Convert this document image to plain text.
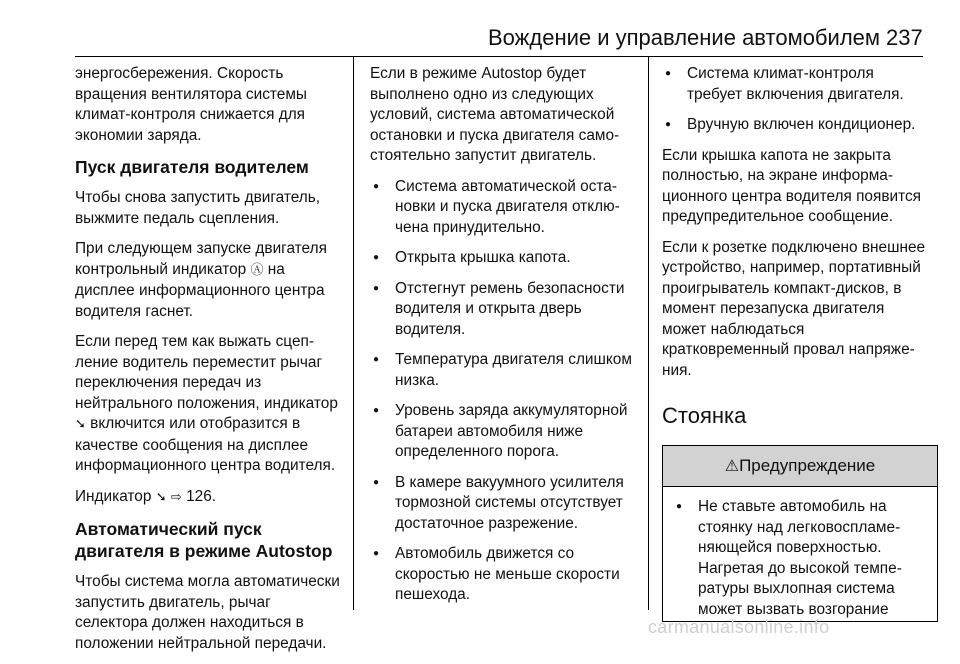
Вождение и управление автомобилем 237

энергосбережения. Скорость вращения вентилятора системы климат-контроля снижается для экономии заряда.

Пуск двигателя водителем

Чтобы снова запустить двигатель, выжмите педаль сцепления.

При следующем запуске двигателя контрольный индикатор Ⓐ на дисплее информационного центра водителя гаснет.

Если перед тем как выжать сцепление водитель переместит рычаг переключения передач из нейтрального положения, индикатор ➘ включится или отобразится в качестве сообщения на дисплее информационного центра водителя.

Индикатор ➘ ⇨ 126.

Автоматический пуск двигателя в режиме Autostop

Чтобы система могла автоматически запустить двигатель, рычаг селектора должен находиться в положении нейтральной передачи.

Если в режиме Autostop будет выполнено одно из следующих условий, система автоматической остановки и пуска двигателя самостоятельно запустит двигатель.

● Система автоматической остановки и пуска двигателя отключена принудительно.
● Открыта крышка капота.
● Отстегнут ремень безопасности водителя и открыта дверь водителя.
● Температура двигателя слишком низка.
● Уровень заряда аккумуляторной батареи автомобиля ниже определенного порога.
● В камере вакуумного усилителя тормозной системы отсутствует достаточное разрежение.
● Автомобиль движется со скоростью не меньше скорости пешехода.
● Система климат-контроля требует включения двигателя.
● Вручную включен кондиционер.

Если крышка капота не закрыта полностью, на экране информационного центра водителя появится предупредительное сообщение.

Если к розетке подключено внешнее устройство, например, портативный проигрыватель компакт-дисков, в момент перезапуска двигателя может наблюдаться кратковременный провал напряжения.

Стоянка
⚠Предупреждение
● Не ставьте автомобиль на стоянку над легковоспламеняющейся поверхностью. Нагретая до высокой температуры выхлопная система может вызвать возгорание
carmanualsonline.info
